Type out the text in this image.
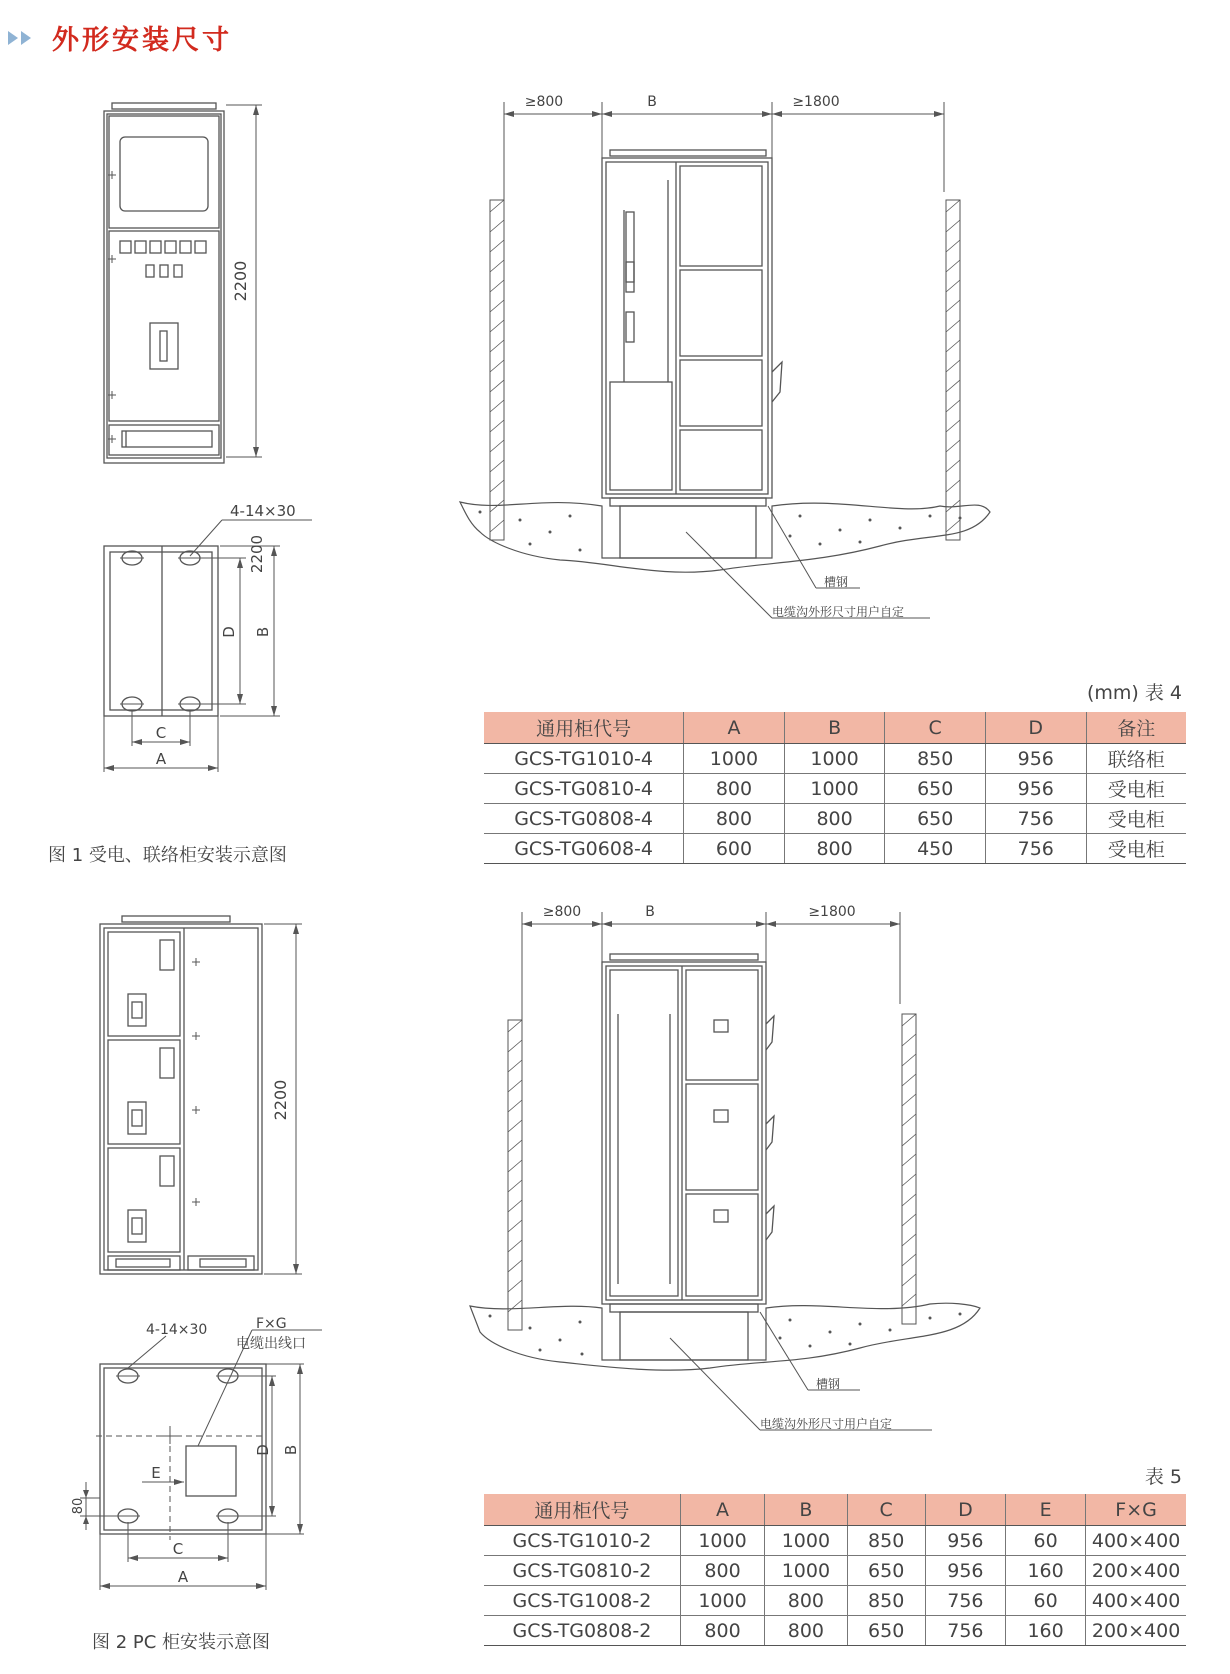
外形安装尺寸
2200
4-14×30
2200
D B
C
A
图 1 受电、联络柜安装示意图
≥800	B	≥1800
槽钢
电缆沟外形尺寸用户自定
(mm) 表 4
通用柜代号	A	B	C	D	备注
GCS-TG1010-4	1000	1000	850	956	联络柜
GCS-TG0810-4	800	1000	650	956	受电柜
GCS-TG0808-4	800	800	650	756	受电柜
GCS-TG0608-4	600	800	450	756	受电柜
2200
4-14×30	F×G
电缆出线口
D B
E
80
C
A
图 2 PC 柜安装示意图
≥800	B	≥1800
槽钢
电缆沟外形尺寸用户自定
表 5
通用柜代号	A	B	C	D	E	F×G
GCS-TG1010-2	1000	1000	850	956	60	400×400
GCS-TG0810-2	800	1000	650	956	160	200×400
GCS-TG1008-2	1000	800	850	756	60	400×400
GCS-TG0808-2	800	800	650	756	160	200×400
